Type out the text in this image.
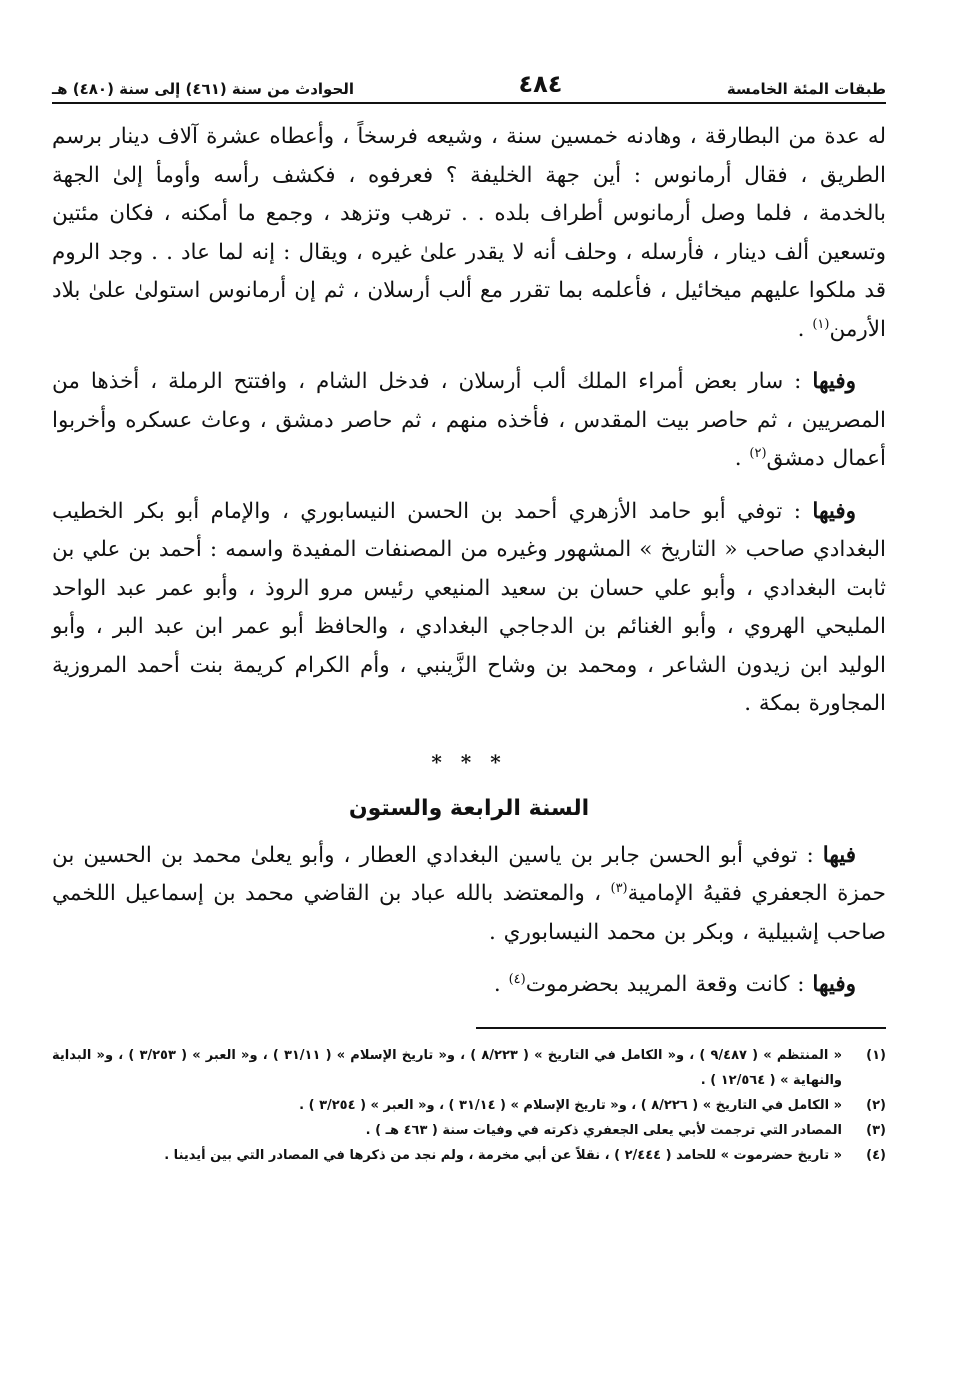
طبقات المئة الخامسة
٤٨٤
الحوادث من سنة (٤٦١) إلى سنة (٤٨٠) هـ

له عدة من البطارقة ، وهادنه خمسين سنة ، وشيعه فرسخاً ، وأعطاه عشرة آلاف دينار برسم الطريق ، فقال أرمانوس : أين جهة الخليفة ؟ فعرفوه ، فكشف رأسه وأومأ إلىٰ الجهة بالخدمة ، فلما وصل أرمانوس أطراف بلده . . ترهب وتزهد ، وجمع ما أمكنه ، فكان مئتين وتسعين ألف دينار ، فأرسله ، وحلف أنه لا يقدر علىٰ غيره ، ويقال : إنه لما عاد . . وجد الروم قد ملكوا عليهم ميخائيل ، فأعلمه بما تقرر مع ألب أرسلان ، ثم إن أرمانوس استولىٰ علىٰ بلاد الأرمن$^{(١)}$ .

وفيها : سار بعض أمراء الملك ألب أرسلان ، فدخل الشام ، وافتتح الرملة ، أخذها من المصريين ، ثم حاصر بيت المقدس ، فأخذه منهم ، ثم حاصر دمشق ، وعاث عسكره وأخربوا أعمال دمشق$^{(٢)}$ .

وفيها : توفي أبو حامد الأزهري أحمد بن الحسن النيسابوري ، والإمام أبو بكر الخطيب البغدادي صاحب « التاريخ » المشهور وغيره من المصنفات المفيدة واسمه : أحمد بن علي بن ثابت البغدادي ، وأبو علي حسان بن سعيد المنيعي رئيس مرو الروذ ، وأبو عمر عبد الواحد المليحي الهروي ، وأبو الغنائم بن الدجاجي البغدادي ، والحافظ أبو عمر ابن عبد البر ، وأبو الوليد ابن زيدون الشاعر ، ومحمد بن وشاح الزَّينبي ، وأم الكرام كريمة بنت أحمد المروزية المجاورة بمكة .

* * *
السنة الرابعة والستون

فيها : توفي أبو الحسن جابر بن ياسين البغدادي العطار ، وأبو يعلىٰ محمد بن الحسين بن حمزة الجعفري فقيهُ الإمامية$^{(٣)}$ ، والمعتضد بالله عباد بن القاضي محمد بن إسماعيل اللخمي صاحب إشبيلية ، وبكر بن محمد النيسابوري .

وفيها : كانت وقعة المريبد بحضرموت$^{(٤)}$ .

(١)
« المنتظم » ( ٩/٤٨٧ ) ، و« الكامل في التاريخ » ( ٨/٢٢٣ ) ، و« تاريخ الإسلام » ( ٣١/١١ ) ، و« العبر » ( ٣/٢٥٣ ) ، و« البداية والنهاية » ( ١٢/٥٦٤ ) .
(٢)
« الكامل في التاريخ » ( ٨/٢٢٦ ) ، و« تاريخ الإسلام » ( ٣١/١٤ ) ، و« العبر » ( ٣/٢٥٤ ) .
(٣)
المصادر التي ترجمت لأبي يعلى الجعفري ذكرته في وفيات سنة ( ٤٦٣ هـ ) .
(٤)
« تاريخ حضرموت » للحامد ( ٢/٤٤٤ ) ، نقلاً عن أبي مخرمة ، ولم نجد من ذكرها في المصادر التي بين أيدينا .
